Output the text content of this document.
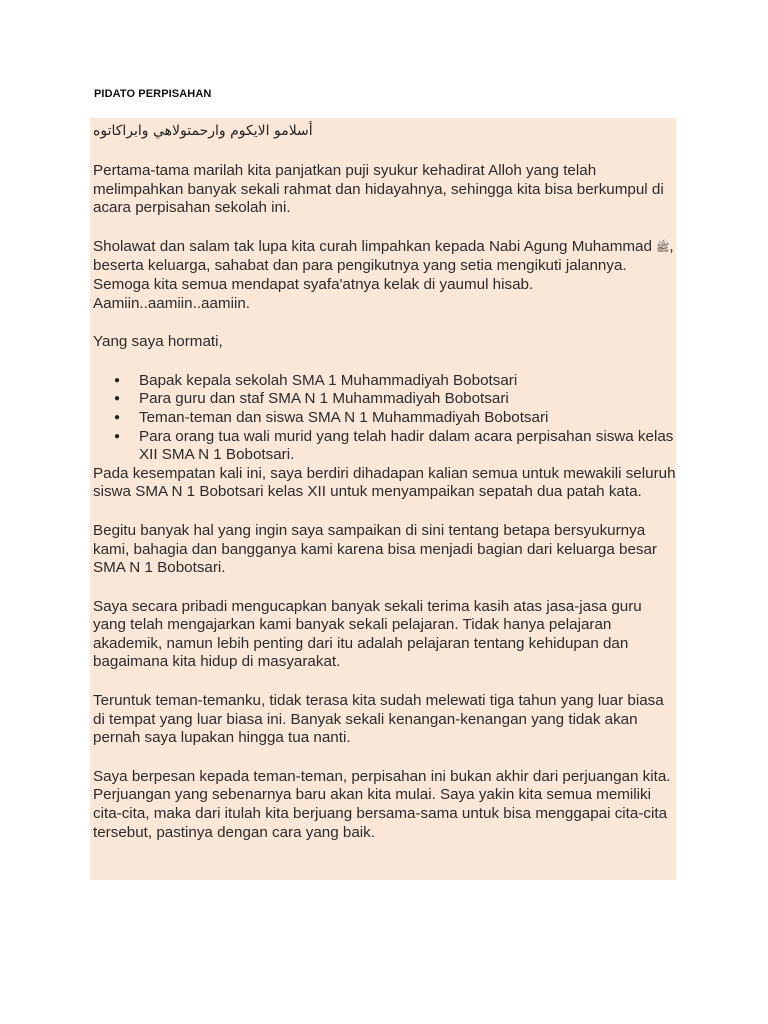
PIDATO PERPISAHAN

أسلامو الايكوم وارحمتولاهي وابراكاتوه

Pertama-tama marilah kita panjatkan puji syukur kehadirat Alloh yang telah melimpahkan banyak sekali rahmat dan hidayahnya, sehingga kita bisa berkumpul di acara perpisahan sekolah ini.

Sholawat dan salam tak lupa kita curah limpahkan kepada Nabi Agung Muhammad ﷺ, beserta keluarga, sahabat dan para pengikutnya yang setia mengikuti jalannya. Semoga kita semua mendapat syafa'atnya kelak di yaumul hisab. Aamiin..aamiin..aamiin.

Yang saya hormati,

● Bapak kepala sekolah SMA 1 Muhammadiyah Bobotsari
● Para guru dan staf SMA N 1 Muhammadiyah Bobotsari
● Teman-teman dan siswa SMA N 1 Muhammadiyah Bobotsari
● Para orang tua wali murid yang telah hadir dalam acara perpisahan siswa kelas XII SMA N 1 Bobotsari.

Pada kesempatan kali ini, saya berdiri dihadapan kalian semua untuk mewakili seluruh siswa SMA N 1 Bobotsari kelas XII untuk menyampaikan sepatah dua patah kata.

Begitu banyak hal yang ingin saya sampaikan di sini tentang betapa bersyukurnya kami, bahagia dan bangganya kami karena bisa menjadi bagian dari keluarga besar SMA N 1 Bobotsari.

Saya secara pribadi mengucapkan banyak sekali terima kasih atas jasa-jasa guru yang telah mengajarkan kami banyak sekali pelajaran. Tidak hanya pelajaran akademik, namun lebih penting dari itu adalah pelajaran tentang kehidupan dan bagaimana kita hidup di masyarakat.

Teruntuk teman-temanku, tidak terasa kita sudah melewati tiga tahun yang luar biasa di tempat yang luar biasa ini. Banyak sekali kenangan-kenangan yang tidak akan pernah saya lupakan hingga tua nanti.

Saya berpesan kepada teman-teman, perpisahan ini bukan akhir dari perjuangan kita. Perjuangan yang sebenarnya baru akan kita mulai. Saya yakin kita semua memiliki cita-cita, maka dari itulah kita berjuang bersama-sama untuk bisa menggapai cita-cita tersebut, pastinya dengan cara yang baik.
